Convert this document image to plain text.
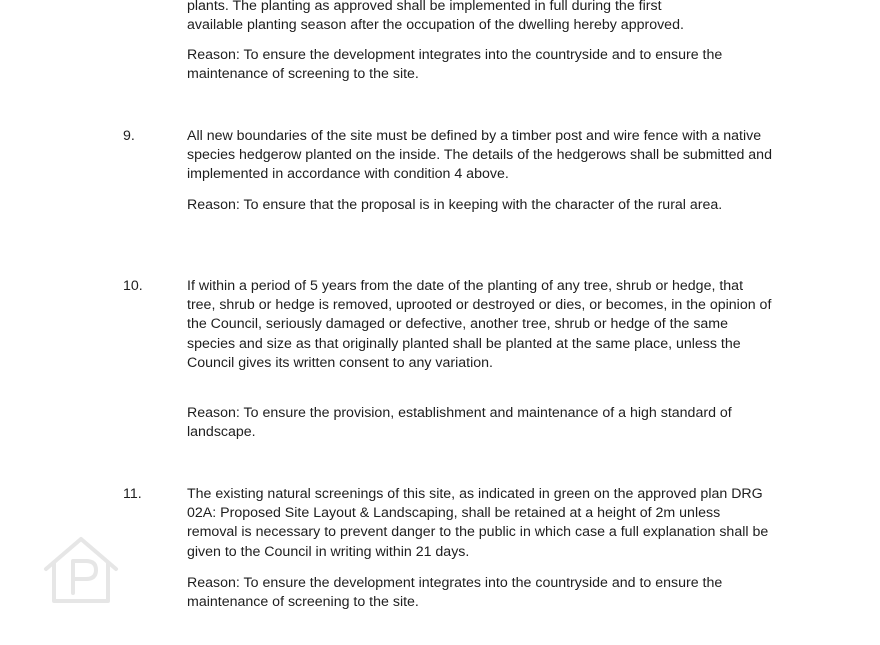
plants. The planting as approved shall be implemented in full during the first
available planting season after the occupation of the dwelling hereby approved.

Reason: To ensure the development integrates into the countryside and to ensure the maintenance of screening to the site.

9.	All new boundaries of the site must be defined by a timber post and wire fence with a native species hedgerow planted on the inside. The details of the hedgerows shall be submitted and implemented in accordance with condition 4 above.

Reason: To ensure that the proposal is in keeping with the character of the rural area.

10.	If within a period of 5 years from the date of the planting of any tree, shrub or hedge, that tree, shrub or hedge is removed, uprooted or destroyed or dies, or becomes, in the opinion of the Council, seriously damaged or defective, another tree, shrub or hedge of the same species and size as that originally planted shall be planted at the same place, unless the Council gives its written consent to any variation.

Reason: To ensure the provision, establishment and maintenance of a high standard of landscape.

11.	The existing natural screenings of this site, as indicated in green on the approved plan DRG 02A: Proposed Site Layout & Landscaping, shall be retained at a height of 2m unless removal is necessary to prevent danger to the public in which case a full explanation shall be given to the Council in writing within 21 days.

Reason: To ensure the development integrates into the countryside and to ensure the maintenance of screening to the site.
